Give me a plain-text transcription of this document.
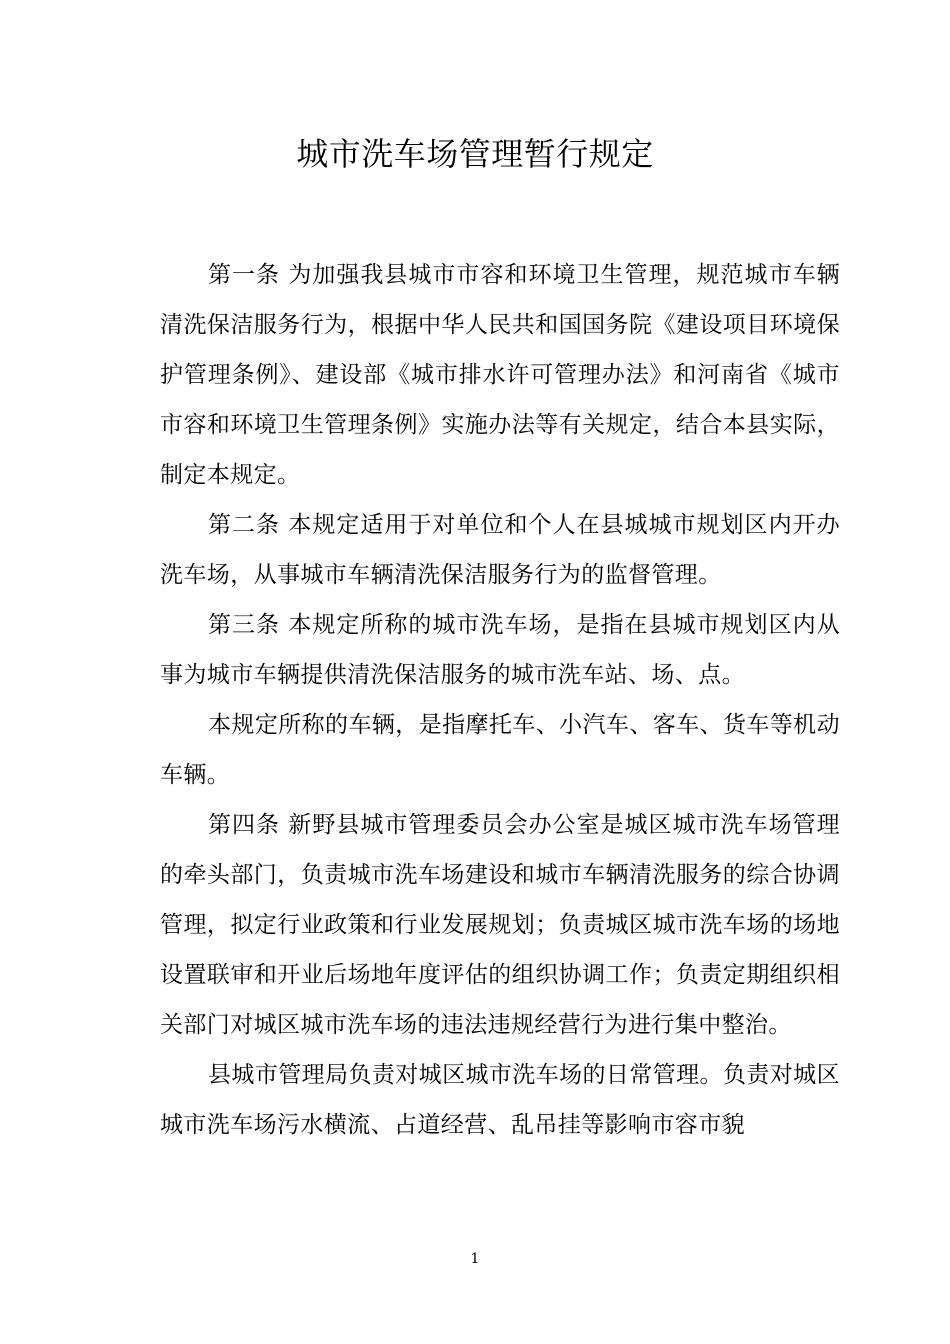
城市洗车场管理暂行规定

第一条 为加强我县城市市容和环境卫生管理，规范城市车辆清洗保洁服务行为，根据中华人民共和国国务院《建设项目环境保护管理条例》、建设部《城市排水许可管理办法》和河南省《城市市容和环境卫生管理条例》实施办法等有关规定，结合本县实际，制定本规定。

第二条 本规定适用于对单位和个人在县城城市规划区内开办洗车场，从事城市车辆清洗保洁服务行为的监督管理。

第三条 本规定所称的城市洗车场，是指在县城市规划区内从事为城市车辆提供清洗保洁服务的城市洗车站、场、点。

本规定所称的车辆，是指摩托车、小汽车、客车、货车等机动车辆。

第四条 新野县城市管理委员会办公室是城区城市洗车场管理的牵头部门，负责城市洗车场建设和城市车辆清洗服务的综合协调管理，拟定行业政策和行业发展规划；负责城区城市洗车场的场地设置联审和开业后场地年度评估的组织协调工作；负责定期组织相关部门对城区城市洗车场的违法违规经营行为进行集中整治。

县城市管理局负责对城区城市洗车场的日常管理。负责对城区城市洗车场污水横流、占道经营、乱吊挂等影响市容市貌

1
